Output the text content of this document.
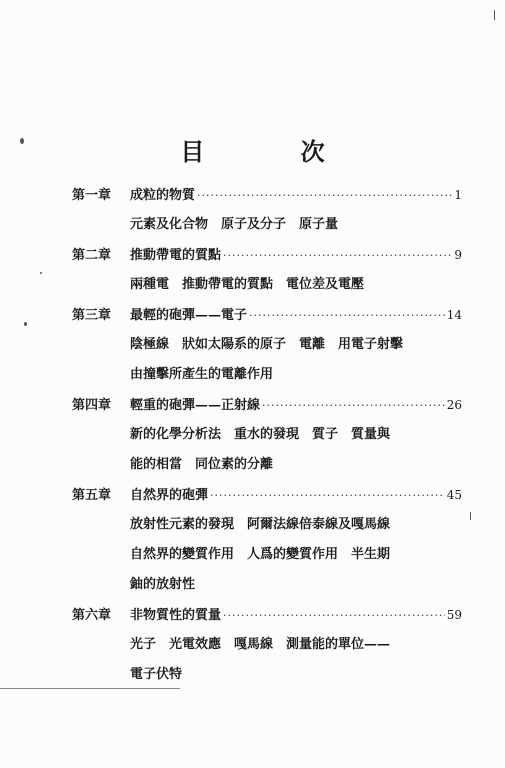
目 次
第一章	成粒的物質 ·····	1
元素及化合物　原子及分子　原子量
第二章	推動帶電的質點 ·····	9
兩種電　推動帶電的質點　電位差及電壓
第三章	最輕的砲彈——電子 ·····	14
陰極線　狀如太陽系的原子　電離　用電子射擊
由撞擊所產生的電離作用
第四章	輕重的砲彈——正射線 ·····	26
新的化學分析法　重水的發現　質子　質量與
能的相當　同位素的分離
第五章	自然界的砲彈 ·····	45
放射性元素的發現　阿爾法線倍泰線及嘎馬線
自然界的變質作用　人爲的變質作用　半生期
鈾的放射性
第六章	非物質性的質量 ·····	59
光子　光電效應　嘎馬線　測量能的單位——
電子伏特
